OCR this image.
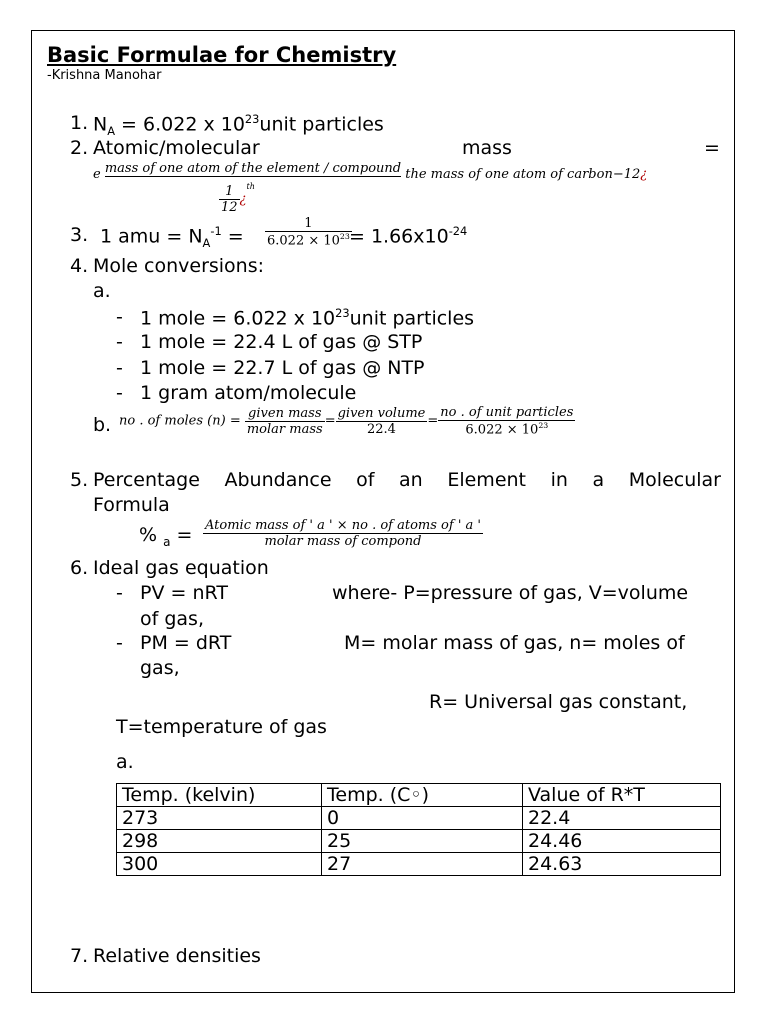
Basic Formulae for Chemistry
-Krishna Manohar
1. $N_A = 6.022$ x $10^{23}unit$ particles
2. Atomic/molecular	mass	=
e mass of one atom of the element / compound the mass of one atom of carbon−12¿
$\frac{1}{12}$ ¿$^{th}$
3. 1 amu = $N_A^{-1} = \frac{1}{6.022 \times 10^{23}}$
= $1.66x10^{-24}$
4. Mole conversions:
a.
- 1 mole = 6.022 x $10^{23}unit$ particles
- 1 mole = 22.4 L of gas @ STP
- 1 mole = 22.7 L of gas @ NTP
- 1 gram atom/molecule
b. no . of moles $(n) = \frac{\text{given mass}}{\text{molar mass}} = \frac{\text{given volume}}{22.4} = \frac{\text{no . of unit particles}}{6.022 \times 10^{23}}$
5. Percentage Abundance of an Element in a Molecular
Formula
% $_a = \frac{\text{Atomic mass of ' a ' × no . of atoms of ' a '}}{\text{molar mass of compond}}$
6. Ideal gas equation
- PV = nRT	where- P=pressure of gas, V=volume
of gas,
- PM = dRT	M= molar mass of gas, n= moles of
gas,
R= Universal gas constant,
T=temperature of gas
a.
Temp. (kelvin)	Temp. (C◦)	Value of R*T
273	0	22.4
298	25	24.46
300	27	24.63
7. Relative densities
